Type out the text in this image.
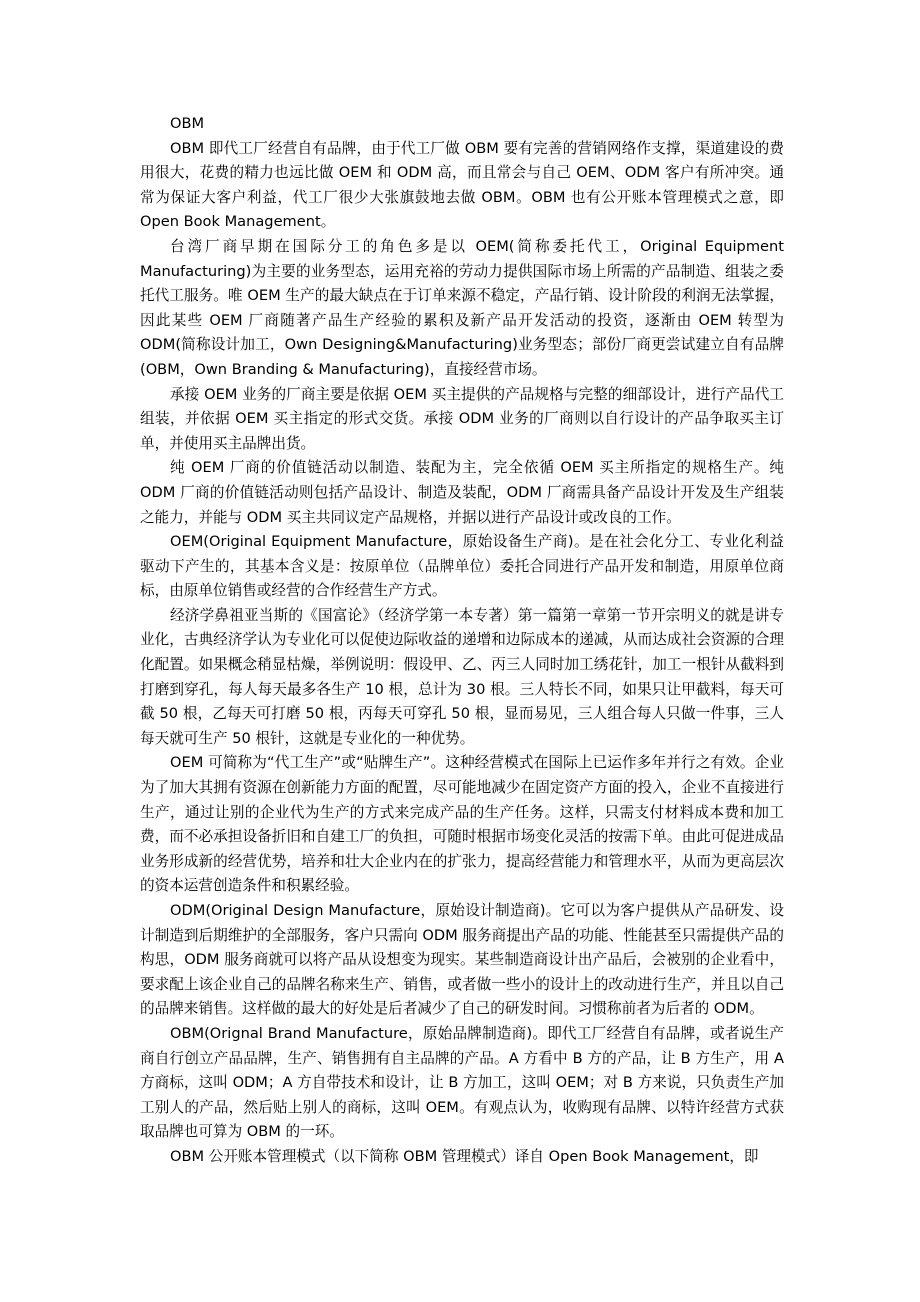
OBM

OBM 即代工厂经营自有品牌，由于代工厂做 OBM 要有完善的营销网络作支撑，渠道建设的费用很大，花费的精力也远比做 OEM 和 ODM 高，而且常会与自己 OEM、ODM 客户有所冲突。通常为保证大客户利益，代工厂很少大张旗鼓地去做 OBM。OBM 也有公开账本管理模式之意，即 Open Book Management。

台湾厂商早期在国际分工的角色多是以 OEM(简称委托代工，Original Equipment Manufacturing)为主要的业务型态，运用充裕的劳动力提供国际市场上所需的产品制造、组装之委托代工服务。唯 OEM 生产的最大缺点在于订单来源不稳定，产品行销、设计阶段的利润无法掌握，因此某些 OEM 厂商随著产品生产经验的累积及新产品开发活动的投资，逐渐由 OEM 转型为 ODM(简称设计加工，Own Designing&Manufacturing)业务型态；部份厂商更尝试建立自有品牌(OBM，Own Branding & Manufacturing)，直接经营市场。

承接 OEM 业务的厂商主要是依据 OEM 买主提供的产品规格与完整的细部设计，进行产品代工组装，并依据 OEM 买主指定的形式交货。承接 ODM 业务的厂商则以自行设计的产品争取买主订单，并使用买主品牌出货。

纯 OEM 厂商的价值链活动以制造、装配为主，完全依循 OEM 买主所指定的规格生产。纯 ODM 厂商的价值链活动则包括产品设计、制造及装配，ODM 厂商需具备产品设计开发及生产组装之能力，并能与 ODM 买主共同议定产品规格，并据以进行产品设计或改良的工作。

OEM(Original Equipment Manufacture，原始设备生产商)。是在社会化分工、专业化利益驱动下产生的，其基本含义是：按原单位（品牌单位）委托合同进行产品开发和制造，用原单位商标，由原单位销售或经营的合作经营生产方式。

经济学鼻祖亚当斯的《国富论》（经济学第一本专著）第一篇第一章第一节开宗明义的就是讲专业化，古典经济学认为专业化可以促使边际收益的递增和边际成本的递减，从而达成社会资源的合理化配置。如果概念稍显枯燥，举例说明：假设甲、乙、丙三人同时加工绣花针，加工一根针从截料到打磨到穿孔，每人每天最多各生产 10 根，总计为 30 根。三人特长不同，如果只让甲截料，每天可截 50 根，乙每天可打磨 50 根，丙每天可穿孔 50 根，显而易见，三人组合每人只做一件事，三人每天就可生产 50 根针，这就是专业化的一种优势。

OEM 可简称为“代工生产”或“贴牌生产”。这种经营模式在国际上已运作多年并行之有效。企业为了加大其拥有资源在创新能力方面的配置，尽可能地减少在固定资产方面的投入，企业不直接进行生产，通过让别的企业代为生产的方式来完成产品的生产任务。这样，只需支付材料成本费和加工费，而不必承担设备折旧和自建工厂的负担，可随时根据市场变化灵活的按需下单。由此可促进成品业务形成新的经营优势，培养和壮大企业内在的扩张力，提高经营能力和管理水平，从而为更高层次的资本运营创造条件和积累经验。

ODM(Original Design Manufacture，原始设计制造商)。它可以为客户提供从产品研发、设计制造到后期维护的全部服务，客户只需向 ODM 服务商提出产品的功能、性能甚至只需提供产品的构思，ODM 服务商就可以将产品从设想变为现实。某些制造商设计出产品后，会被别的企业看中，要求配上该企业自己的品牌名称来生产、销售，或者做一些小的设计上的改动进行生产，并且以自己的品牌来销售。这样做的最大的好处是后者减少了自己的研发时间。习惯称前者为后者的 ODM。

OBM(Orignal Brand Manufacture，原始品牌制造商)。即代工厂经营自有品牌，或者说生产商自行创立产品品牌，生产、销售拥有自主品牌的产品。A 方看中 B 方的产品，让 B 方生产，用 A 方商标，这叫 ODM；A 方自带技术和设计，让 B 方加工，这叫 OEM；对 B 方来说，只负责生产加工别人的产品，然后贴上别人的商标，这叫 OEM。有观点认为，收购现有品牌、以特许经营方式获取品牌也可算为 OBM 的一环。

OBM 公开账本管理模式（以下简称 OBM 管理模式）译自 Open Book Management，即
